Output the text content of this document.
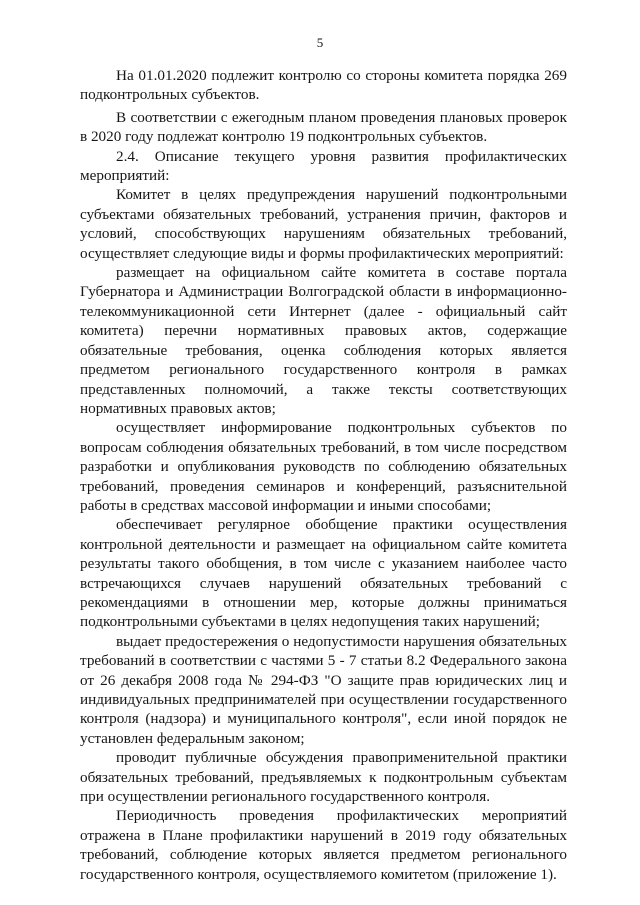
5

На 01.01.2020 подлежит контролю со стороны комитета порядка 269 подконтрольных субъектов.

В соответствии с ежегодным планом проведения плановых проверок в 2020 году подлежат контролю 19 подконтрольных субъектов.

2.4. Описание текущего уровня развития профилактических мероприятий:

Комитет в целях предупреждения нарушений подконтрольными субъектами обязательных требований, устранения причин, факторов и условий, способствующих нарушениям обязательных требований, осуществляет следующие виды и формы профилактических мероприятий:

размещает на официальном сайте комитета в составе портала Губернатора и Администрации Волгоградской области в информационно-телекоммуникационной сети Интернет (далее - официальный сайт комитета) перечни нормативных правовых актов, содержащие обязательные требования, оценка соблюдения которых является предметом регионального государственного контроля в рамках представленных полномочий, а также тексты соответствующих нормативных правовых актов;

осуществляет информирование подконтрольных субъектов по вопросам соблюдения обязательных требований, в том числе посредством разработки и опубликования руководств по соблюдению обязательных требований, проведения семинаров и конференций, разъяснительной работы в средствах массовой информации и иными способами;

обеспечивает регулярное обобщение практики осуществления контрольной деятельности и размещает на официальном сайте комитета результаты такого обобщения, в том числе с указанием наиболее часто встречающихся случаев нарушений обязательных требований с рекомендациями в отношении мер, которые должны приниматься подконтрольными субъектами в целях недопущения таких нарушений;

выдает предостережения о недопустимости нарушения обязательных требований в соответствии с частями 5 - 7 статьи 8.2 Федерального закона от 26 декабря 2008 года № 294-ФЗ "О защите прав юридических лиц и индивидуальных предпринимателей при осуществлении государственного контроля (надзора) и муниципального контроля", если иной порядок не установлен федеральным законом;

проводит публичные обсуждения правоприменительной практики обязательных требований, предъявляемых к подконтрольным субъектам при осуществлении регионального государственного контроля.

Периодичность проведения профилактических мероприятий отражена в Плане профилактики нарушений в 2019 году обязательных требований, соблюдение которых является предметом регионального государственного контроля, осуществляемого комитетом (приложение 1).
